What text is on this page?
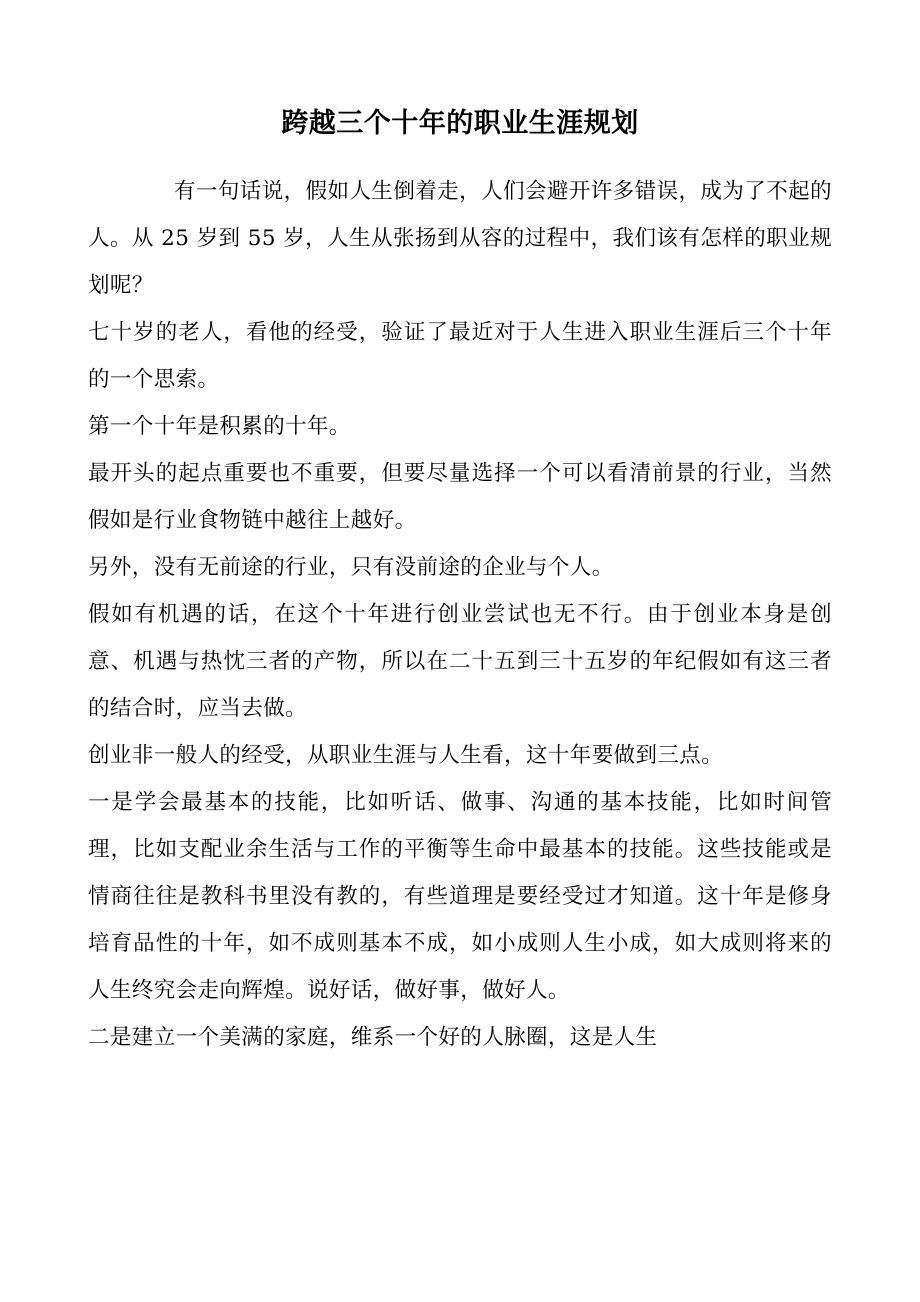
跨越三个十年的职业生涯规划

有一句话说，假如人生倒着走，人们会避开许多错误，成为了不起的人。从 25 岁到 55 岁，人生从张扬到从容的过程中，我们该有怎样的职业规划呢？

七十岁的老人，看他的经受，验证了最近对于人生进入职业生涯后三个十年的一个思索。

第一个十年是积累的十年。

最开头的起点重要也不重要，但要尽量选择一个可以看清前景的行业，当然假如是行业食物链中越往上越好。

另外，没有无前途的行业，只有没前途的企业与个人。

假如有机遇的话，在这个十年进行创业尝试也无不行。由于创业本身是创意、机遇与热忱三者的产物，所以在二十五到三十五岁的年纪假如有这三者的结合时，应当去做。

创业非一般人的经受，从职业生涯与人生看，这十年要做到三点。

一是学会最基本的技能，比如听话、做事、沟通的基本技能，比如时间管理，比如支配业余生活与工作的平衡等生命中最基本的技能。这些技能或是情商往往是教科书里没有教的，有些道理是要经受过才知道。这十年是修身培育品性的十年，如不成则基本不成，如小成则人生小成，如大成则将来的人生终究会走向辉煌。说好话，做好事，做好人。

二是建立一个美满的家庭，维系一个好的人脉圈，这是人生
